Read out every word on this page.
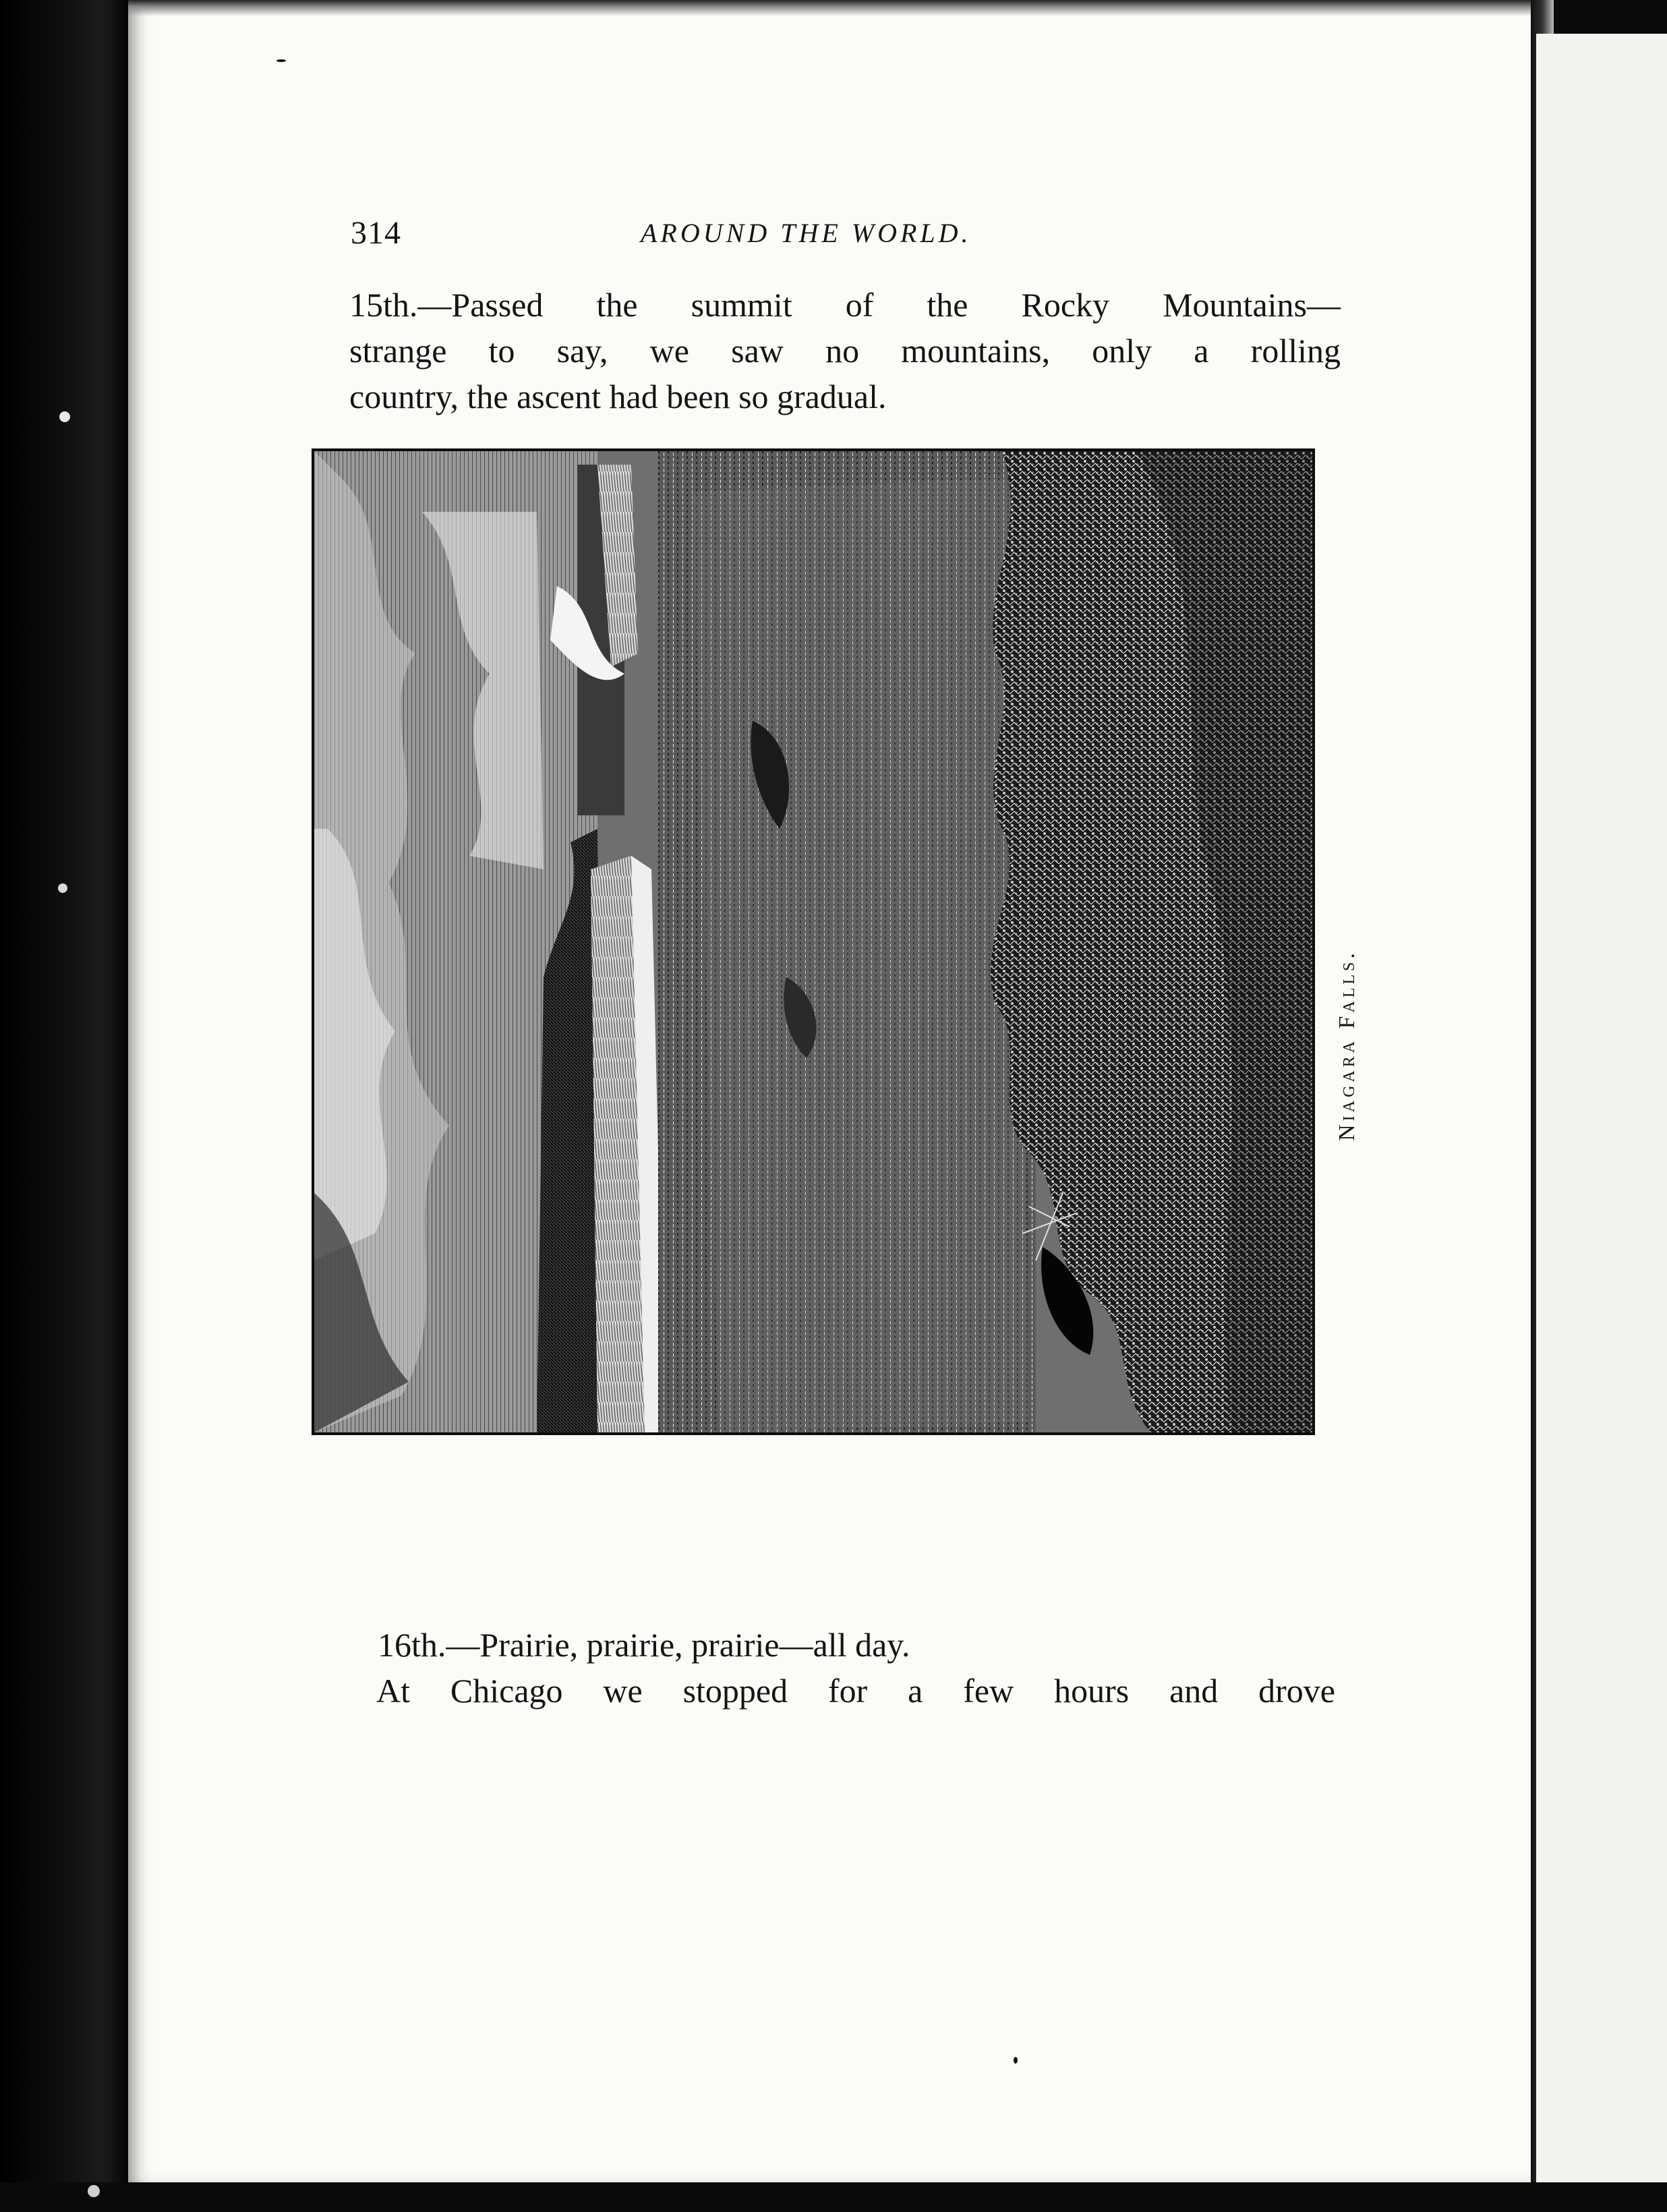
314	AROUND THE WORLD.
15th.—Passed the summit of the Rocky Mountains—
strange to say, we saw no mountains, only a rolling
country, the ascent had been so gradual.
Niagara Falls.
16th.—Prairie, prairie, prairie—all day.
At Chicago we stopped for a few hours and drove
